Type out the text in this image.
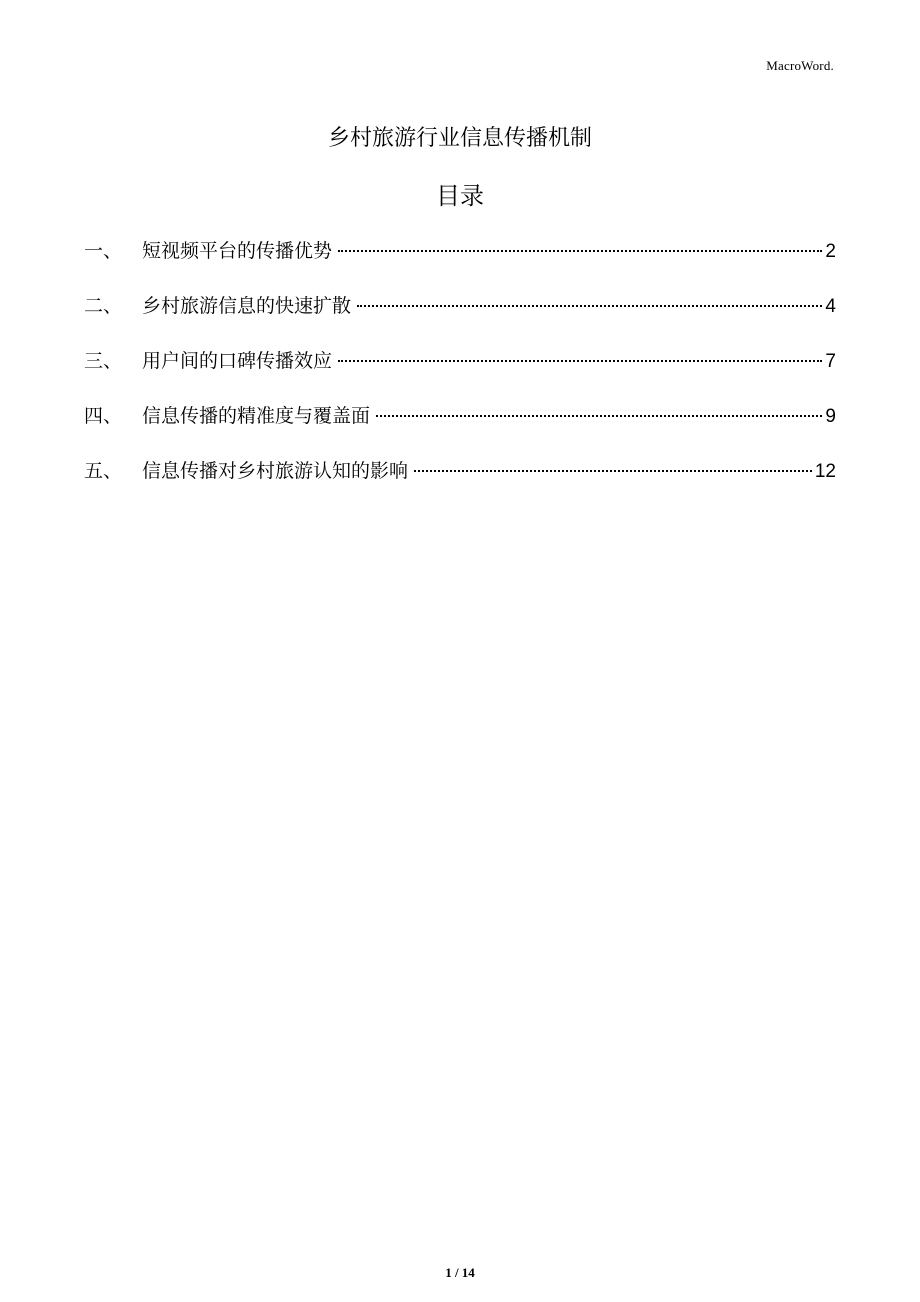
MacroWord.
乡村旅游行业信息传播机制
目录
一、	短视频平台的传播优势	2
二、	乡村旅游信息的快速扩散	4
三、	用户间的口碑传播效应	7
四、	信息传播的精准度与覆盖面	9
五、	信息传播对乡村旅游认知的影响	12
1 / 14
